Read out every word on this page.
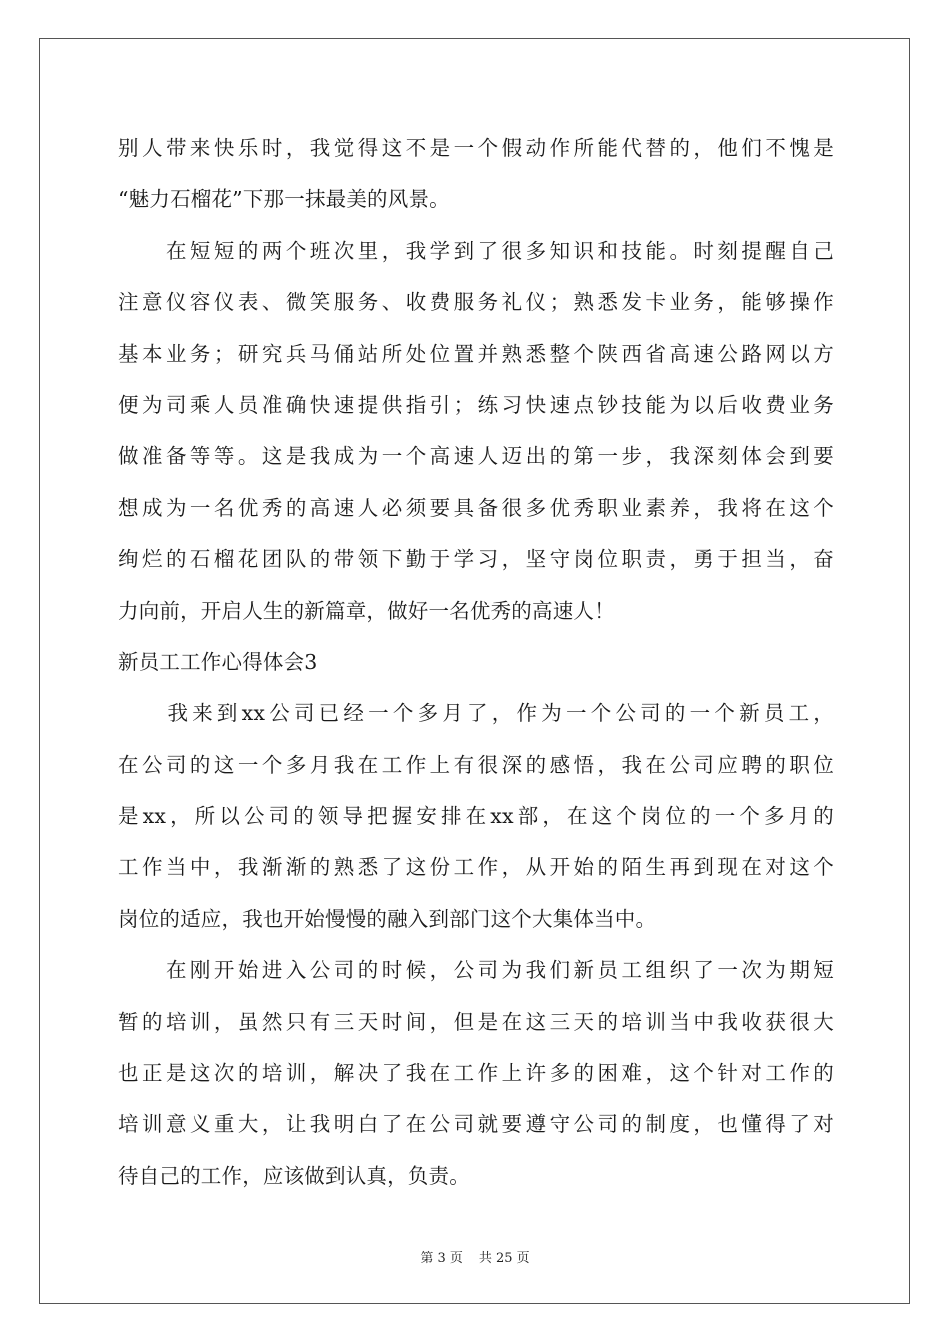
别人带来快乐时，我觉得这不是一个假动作所能代替的，他们不愧是
“魅力石榴花”下那一抹最美的风景。
　　在短短的两个班次里，我学到了很多知识和技能。时刻提醒自己
注意仪容仪表、微笑服务、收费服务礼仪；熟悉发卡业务，能够操作
基本业务；研究兵马俑站所处位置并熟悉整个陕西省高速公路网以方
便为司乘人员准确快速提供指引；练习快速点钞技能为以后收费业务
做准备等等。这是我成为一个高速人迈出的第一步，我深刻体会到要
想成为一名优秀的高速人必须要具备很多优秀职业素养，我将在这个
绚烂的石榴花团队的带领下勤于学习，坚守岗位职责，勇于担当，奋
力向前，开启人生的新篇章，做好一名优秀的高速人！
新员工工作心得体会3
　　我来到xx公司已经一个多月了，作为一个公司的一个新员工，
在公司的这一个多月我在工作上有很深的感悟，我在公司应聘的职位
是xx，所以公司的领导把握安排在xx部，在这个岗位的一个多月的
工作当中，我渐渐的熟悉了这份工作，从开始的陌生再到现在对这个
岗位的适应，我也开始慢慢的融入到部门这个大集体当中。
　　在刚开始进入公司的时候，公司为我们新员工组织了一次为期短
暂的培训，虽然只有三天时间，但是在这三天的培训当中我收获很大
也正是这次的培训，解决了我在工作上许多的困难，这个针对工作的
培训意义重大，让我明白了在公司就要遵守公司的制度，也懂得了对
待自己的工作，应该做到认真，负责。
第 3 页 共 25 页
